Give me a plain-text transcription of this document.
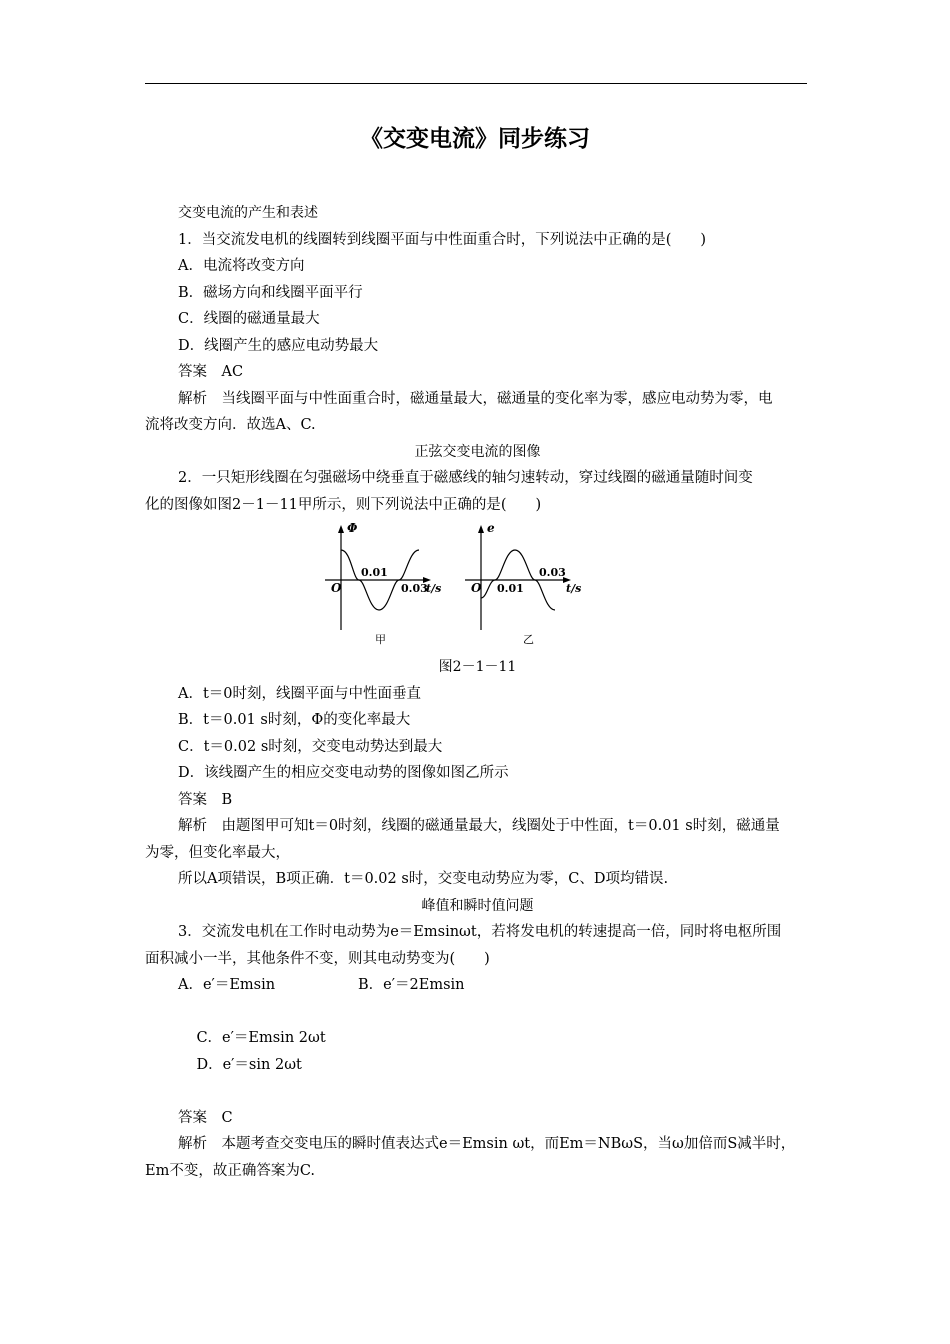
《交变电流》同步练习

交变电流的产生和表述

1．当交流发电机的线圈转到线圈平面与中性面重合时，下列说法中正确的是(　　)

A．电流将改变方向

B．磁场方向和线圈平面平行

C．线圈的磁通量最大

D．线圈产生的感应电动势最大

答案　 AC

解析　 当线圈平面与中性面重合时，磁通量最大，磁通量的变化率为零，感应电动势为零，电

流将改变方向．故选A、C.

正弦交变电流的图像

2．一只矩形线圈在匀强磁场中绕垂直于磁感线的轴匀速转动，穿过线圈的磁通量随时间变

化的图像如图2－1－11甲所示，则下列说法中正确的是(　　)

Φ
O
0.01
0.03
t/s
甲
e
O 0.01
0.03
t/s
乙

图2－1－11

A．t＝0时刻，线圈平面与中性面垂直

B．t＝0.01 s时刻，Φ的变化率最大

C．t＝0.02 s时刻，交变电动势达到最大

D．该线圈产生的相应交变电动势的图像如图乙所示

答案　 B

解析　 由题图甲可知t＝0时刻，线圈的磁通量最大，线圈处于中性面，t＝0.01 s时刻，磁通量

为零，但变化率最大，

所以A项错误，B项正确．t＝0.02 s时，交变电动势应为零，C、D项均错误.

峰值和瞬时值问题

3．交流发电机在工作时电动势为e＝Emsinωt，若将发电机的转速提高一倍，同时将电枢所围

面积减小一半，其他条件不变，则其电动势变为(　　)

A．e′＝Emsin	B．e′＝2Emsin

C．e′＝Emsin 2ωt
D．e′＝sin 2ωt

答案　 C

解析　 本题考查交变电压的瞬时值表达式e＝Emsin ωt，而Em＝NBωS，当ω加倍而S减半时，

Em不变，故正确答案为C.
